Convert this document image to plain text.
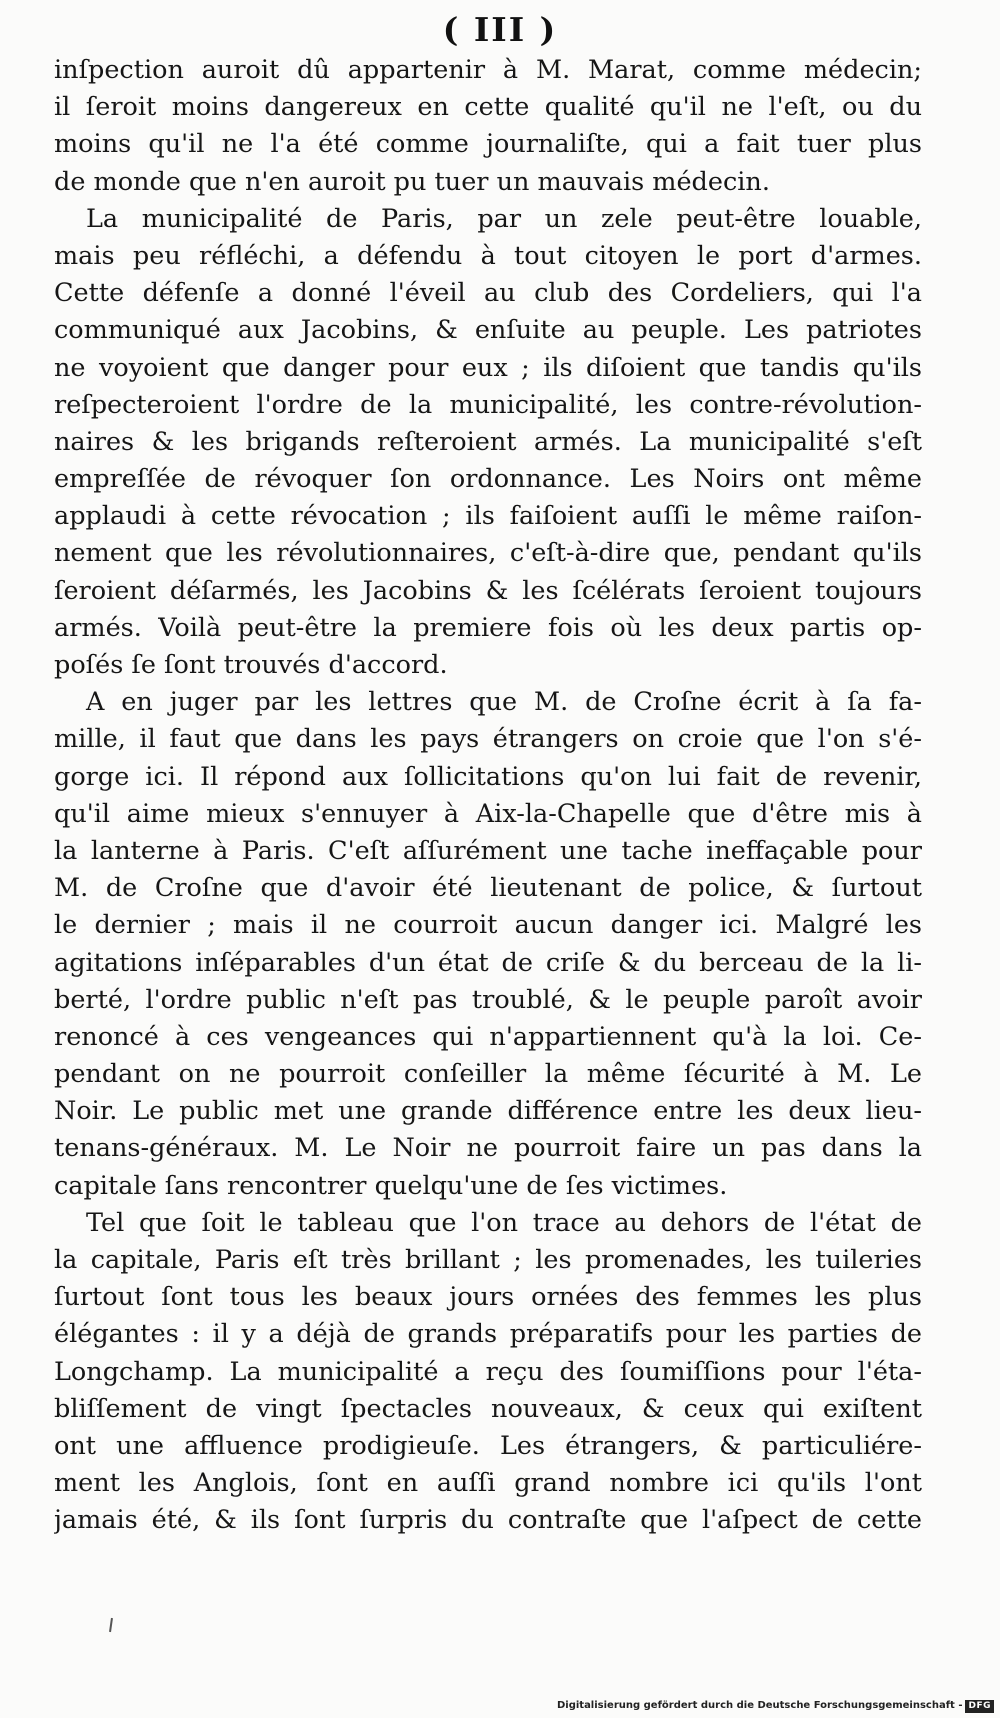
( III )
inſpection auroit dû appartenir à M. Marat, comme médecin;
il ſeroit moins dangereux en cette qualité qu'il ne l'eſt, ou du
moins qu'il ne l'a été comme journaliſte, qui a fait tuer plus
de monde que n'en auroit pu tuer un mauvais médecin.
La municipalité de Paris, par un zele peut-être louable,
mais peu réfléchi, a défendu à tout citoyen le port d'armes.
Cette défenſe a donné l'éveil au club des Cordeliers, qui l'a
communiqué aux Jacobins, & enſuite au peuple. Les patriotes
ne voyoient que danger pour eux ; ils diſoient que tandis qu'ils
reſpecteroient l'ordre de la municipalité, les contre-révolution-
naires & les brigands reſteroient armés. La municipalité s'eſt
empreſſée de révoquer ſon ordonnance. Les Noirs ont même
applaudi à cette révocation ; ils faiſoient auſſi le même raiſon-
nement que les révolutionnaires, c'eſt-à-dire que, pendant qu'ils
ſeroient déſarmés, les Jacobins & les ſcélérats ſeroient toujours
armés. Voilà peut-être la premiere fois où les deux partis op-
poſés ſe ſont trouvés d'accord.
A en juger par les lettres que M. de Croſne écrit à ſa fa-
mille, il faut que dans les pays étrangers on croie que l'on s'é-
gorge ici. Il répond aux ſollicitations qu'on lui fait de revenir,
qu'il aime mieux s'ennuyer à Aix-la-Chapelle que d'être mis à
la lanterne à Paris. C'eſt aſſurément une tache ineffaçable pour
M. de Croſne que d'avoir été lieutenant de police, & ſurtout
le dernier ; mais il ne courroit aucun danger ici. Malgré les
agitations inſéparables d'un état de criſe & du berceau de la li-
berté, l'ordre public n'eſt pas troublé, & le peuple paroît avoir
renoncé à ces vengeances qui n'appartiennent qu'à la loi. Ce-
pendant on ne pourroit conſeiller la même ſécurité à M. Le
Noir. Le public met une grande différence entre les deux lieu-
tenans-généraux. M. Le Noir ne pourroit faire un pas dans la
capitale ſans rencontrer quelqu'une de ſes victimes.
Tel que ſoit le tableau que l'on trace au dehors de l'état de
la capitale, Paris eſt très brillant ; les promenades, les tuileries
ſurtout ſont tous les beaux jours ornées des femmes les plus
élégantes : il y a déjà de grands préparatifs pour les parties de
Longchamp. La municipalité a reçu des ſoumiſſions pour l'éta-
bliſſement de vingt ſpectacles nouveaux, & ceux qui exiſtent
ont une affluence prodigieuſe. Les étrangers, & particuliére-
ment les Anglois, ſont en auſſi grand nombre ici qu'ils l'ont
jamais été, & ils ſont ſurpris du contraſte que l'aſpect de cette
Digitalisierung gefördert durch die Deutsche Forschungsgemeinschaft - DFG
